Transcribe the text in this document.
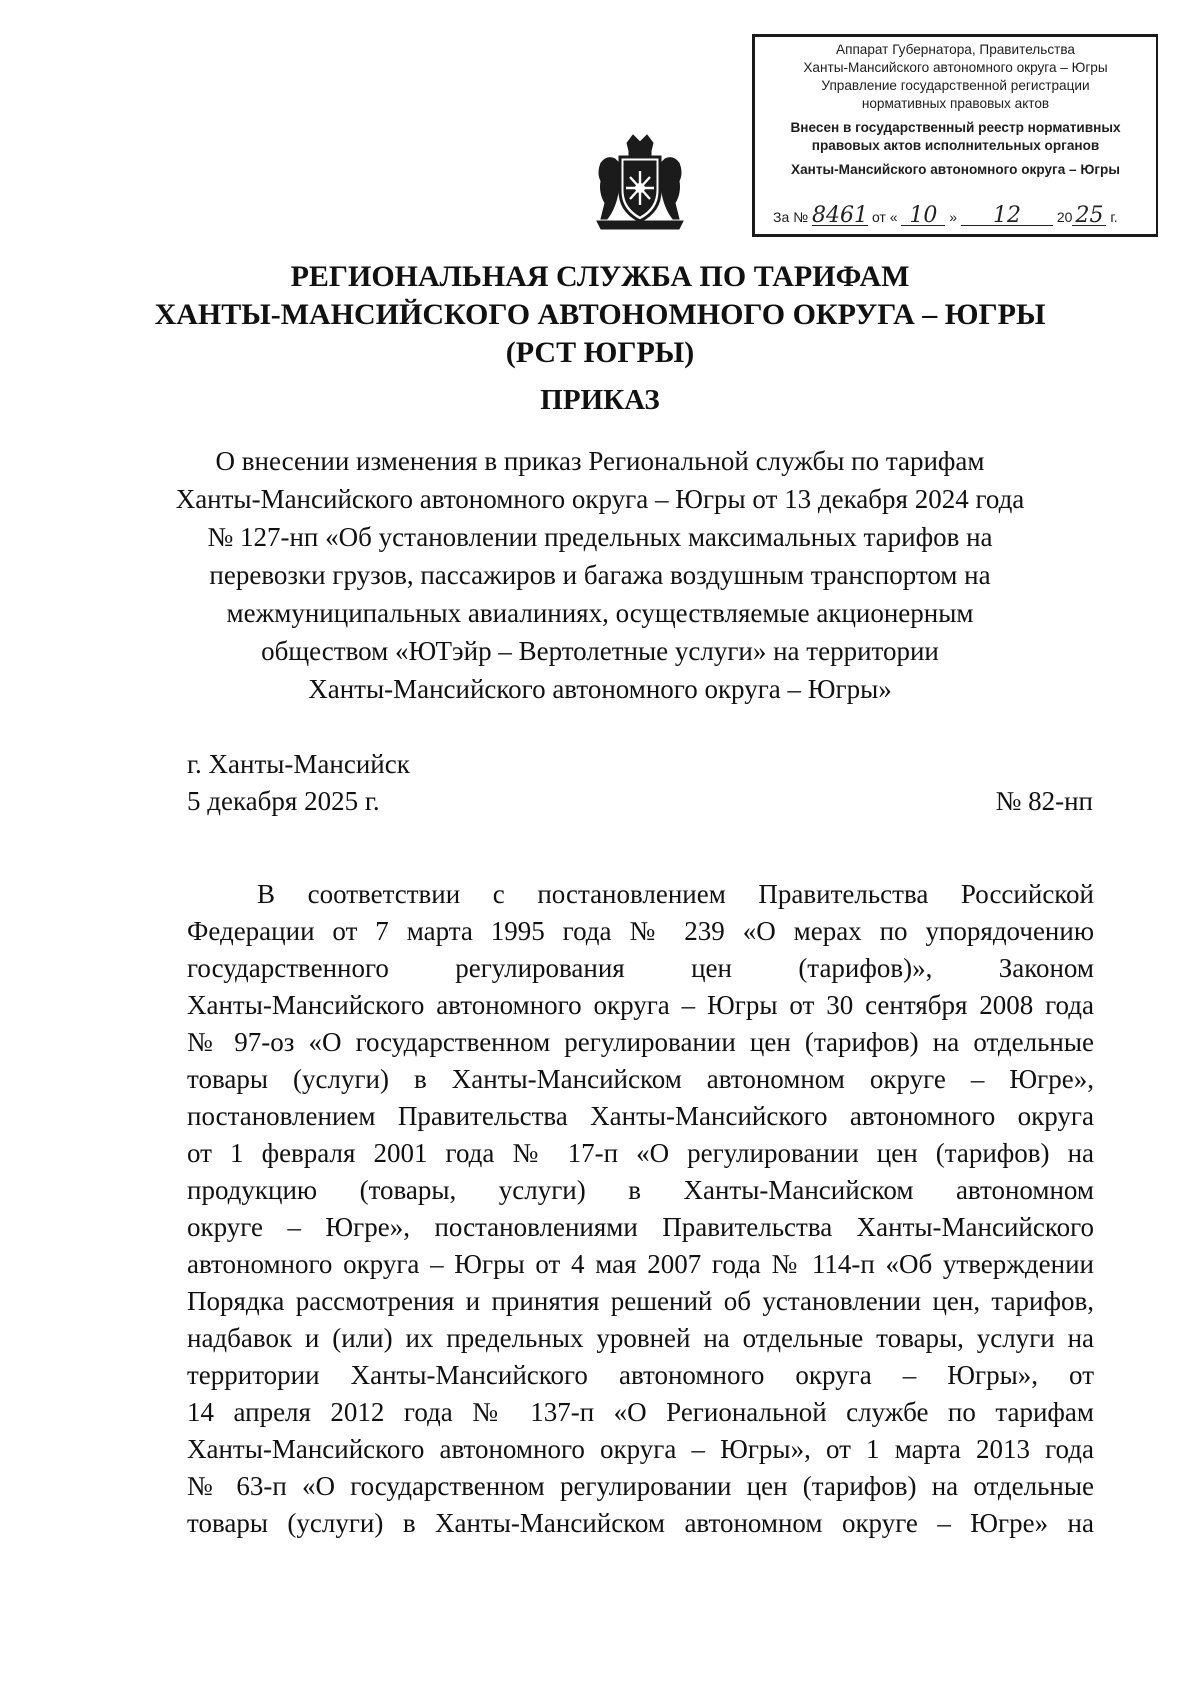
Аппарат Губернатора, Правительства
Ханты-Мансийского автономного округа – Югры
Управление государственной регистрации
нормативных правовых актов
Внесен в государственный реестр нормативных
правовых актов исполнительных органов
Ханты-Мансийского автономного округа – Югры
За № 8461 от « 10 » 12	20 25 г.
РЕГИОНАЛЬНАЯ СЛУЖБА ПО ТАРИФАМ
ХАНТЫ-МАНСИЙСКОГО АВТОНОМНОГО ОКРУГА – ЮГРЫ
(РСТ ЮГРЫ)
ПРИКАЗ
О внесении изменения в приказ Региональной службы по тарифам
Ханты-Мансийского автономного округа – Югры от 13 декабря 2024 года
№ 127-нп «Об установлении предельных максимальных тарифов на
перевозки грузов, пассажиров и багажа воздушным транспортом на
межмуниципальных авиалиниях, осуществляемые акционерным
обществом «ЮТэйр – Вертолетные услуги» на территории
Ханты-Мансийского автономного округа – Югры»
г. Ханты-Мансийск
5 декабря 2025 г.	№ 82-нп
В соответствии с постановлением Правительства Российской
Федерации от 7 марта 1995 года № 239 «О мерах по упорядочению
государственного регулирования цен (тарифов)», Законом
Ханты-Мансийского автономного округа – Югры от 30 сентября 2008 года
№ 97-оз «О государственном регулировании цен (тарифов) на отдельные
товары (услуги) в Ханты-Мансийском автономном округе – Югре»,
постановлением Правительства Ханты-Мансийского автономного округа
от 1 февраля 2001 года № 17-п «О регулировании цен (тарифов) на
продукцию (товары, услуги) в Ханты-Мансийском автономном
округе – Югре», постановлениями Правительства Ханты-Мансийского
автономного округа – Югры от 4 мая 2007 года № 114-п «Об утверждении
Порядка рассмотрения и принятия решений об установлении цен, тарифов,
надбавок и (или) их предельных уровней на отдельные товары, услуги на
территории Ханты-Мансийского автономного округа – Югры», от
14 апреля 2012 года № 137-п «О Региональной службе по тарифам
Ханты-Мансийского автономного округа – Югры», от 1 марта 2013 года
№ 63-п «О государственном регулировании цен (тарифов) на отдельные
товары (услуги) в Ханты-Мансийском автономном округе – Югре» на
